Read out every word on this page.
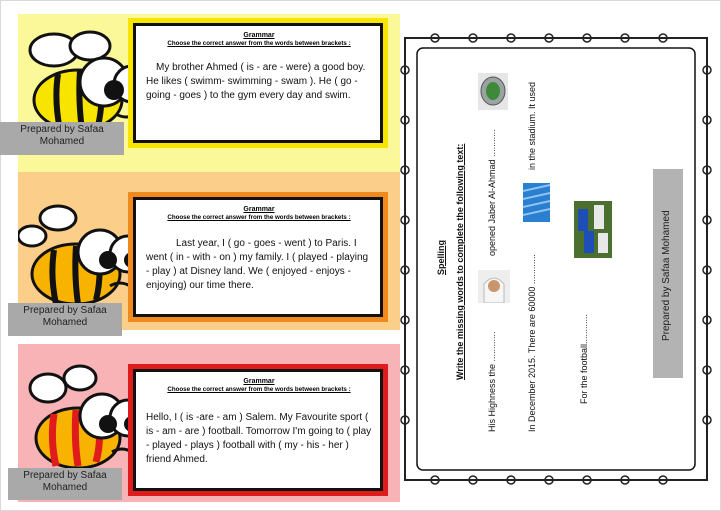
Grammar
Choose the correct answer from the words between brackets :
My brother Ahmed ( is - are - were) a good boy. He likes ( swimm- swimming - swam ). He ( go - going - goes ) to the gym every day and swim.
Prepared by Safaa Mohamed
Grammar
Choose the correct answer from the words between brackets :
Last year, I ( go - goes - went ) to Paris. I went ( in - with - on ) my family. I ( played - playing - play ) at Disney land. We ( enjoyed - enjoys - enjoying) our time there.
Prepared by Safaa Mohamed
Grammar
Choose the correct answer from the words between brackets :
Hello, I ( is -are - am ) Salem. My Favourite sport ( is - am - are ) football. Tomorrow I'm going to ( play - played - plays ) football with ( my - his - her ) friend Ahmed.
Prepared by Safaa Mohamed
Spelling Write the missing words to complete the following text:
His Highness the ............
opened Jaber Al-Ahmad ...........
in the stadium. It used
In December 2015. There are 60000 ............	For the football............
Prepared by Safaa Mohamed
